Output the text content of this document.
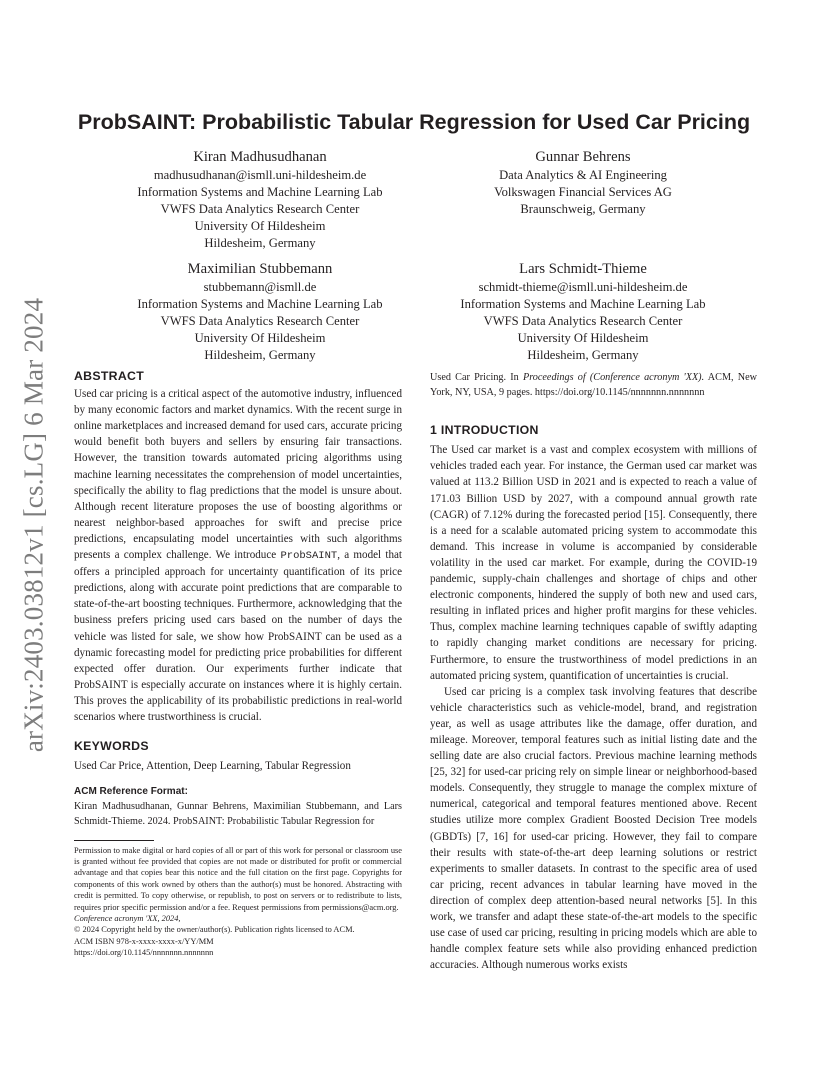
arXiv:2403.03812v1 [cs.LG] 6 Mar 2024
ProbSAINT: Probabilistic Tabular Regression for Used Car Pricing
Kiran Madhusudhanan
madhusudhanan@ismll.uni-hildesheim.de
Information Systems and Machine Learning Lab
VWFS Data Analytics Research Center
University Of Hildesheim
Hildesheim, Germany
Gunnar Behrens
Data Analytics & AI Engineering
Volkswagen Financial Services AG
Braunschweig, Germany
Maximilian Stubbemann
stubbemann@ismll.de
Information Systems and Machine Learning Lab
VWFS Data Analytics Research Center
University Of Hildesheim
Hildesheim, Germany
Lars Schmidt-Thieme
schmidt-thieme@ismll.uni-hildesheim.de
Information Systems and Machine Learning Lab
VWFS Data Analytics Research Center
University Of Hildesheim
Hildesheim, Germany
ABSTRACT
Used car pricing is a critical aspect of the automotive industry, influenced by many economic factors and market dynamics. With the recent surge in online marketplaces and increased demand for used cars, accurate pricing would benefit both buyers and sellers by ensuring fair transactions. However, the transition towards automated pricing algorithms using machine learning necessitates the comprehension of model uncertainties, specifically the ability to flag predictions that the model is unsure about. Although recent literature proposes the use of boosting algorithms or nearest neighbor-based approaches for swift and precise price predictions, encapsulating model uncertainties with such algorithms presents a complex challenge. We introduce ProbSAINT, a model that offers a principled approach for uncertainty quantification of its price predictions, along with accurate point predictions that are comparable to state-of-the-art boosting techniques. Furthermore, acknowledging that the business prefers pricing used cars based on the number of days the vehicle was listed for sale, we show how ProbSAINT can be used as a dynamic forecasting model for predicting price probabilities for different expected offer duration. Our experiments further indicate that ProbSAINT is especially accurate on instances where it is highly certain. This proves the applicability of its probabilistic predictions in real-world scenarios where trustworthiness is crucial.
KEYWORDS
Used Car Price, Attention, Deep Learning, Tabular Regression
ACM Reference Format:
Kiran Madhusudhanan, Gunnar Behrens, Maximilian Stubbemann, and Lars Schmidt-Thieme. 2024. ProbSAINT: Probabilistic Tabular Regression for
Permission to make digital or hard copies of all or part of this work for personal or classroom use is granted without fee provided that copies are not made or distributed for profit or commercial advantage and that copies bear this notice and the full citation on the first page. Copyrights for components of this work owned by others than the author(s) must be honored. Abstracting with credit is permitted. To copy otherwise, or republish, to post on servers or to redistribute to lists, requires prior specific permission and/or a fee. Request permissions from permissions@acm.org.
Conference acronym 'XX, 2024,
© 2024 Copyright held by the owner/author(s). Publication rights licensed to ACM.
ACM ISBN 978-x-xxxx-xxxx-x/YY/MM
https://doi.org/10.1145/nnnnnnn.nnnnnnn
Used Car Pricing. In Proceedings of (Conference acronym 'XX). ACM, New York, NY, USA, 9 pages. https://doi.org/10.1145/nnnnnnn.nnnnnnn
1 INTRODUCTION
The Used car market is a vast and complex ecosystem with millions of vehicles traded each year. For instance, the German used car market was valued at 113.2 Billion USD in 2021 and is expected to reach a value of 171.03 Billion USD by 2027, with a compound annual growth rate (CAGR) of 7.12% during the forecasted period [15]. Consequently, there is a need for a scalable automated pricing system to accommodate this demand. This increase in volume is accompanied by considerable volatility in the used car market. For example, during the COVID-19 pandemic, supply-chain challenges and shortage of chips and other electronic components, hindered the supply of both new and used cars, resulting in inflated prices and higher profit margins for these vehicles. Thus, complex machine learning techniques capable of swiftly adapting to rapidly changing market conditions are necessary for pricing. Furthermore, to ensure the trustworthiness of model predictions in an automated pricing system, quantification of uncertainties is crucial.
Used car pricing is a complex task involving features that describe vehicle characteristics such as vehicle-model, brand, and registration year, as well as usage attributes like the damage, offer duration, and mileage. Moreover, temporal features such as initial listing date and the selling date are also crucial factors. Previous machine learning methods [25, 32] for used-car pricing rely on simple linear or neighborhood-based models. Consequently, they struggle to manage the complex mixture of numerical, categorical and temporal features mentioned above. Recent studies utilize more complex Gradient Boosted Decision Tree models (GBDTs) [7, 16] for used-car pricing. However, they fail to compare their results with state-of-the-art deep learning solutions or restrict experiments to smaller datasets. In contrast to the specific area of used car pricing, recent advances in tabular learning have moved in the direction of complex deep attention-based neural networks [5]. In this work, we transfer and adapt these state-of-the-art models to the specific use case of used car pricing, resulting in pricing models which are able to handle complex feature sets while also providing enhanced prediction accuracies. Although numerous works exists
